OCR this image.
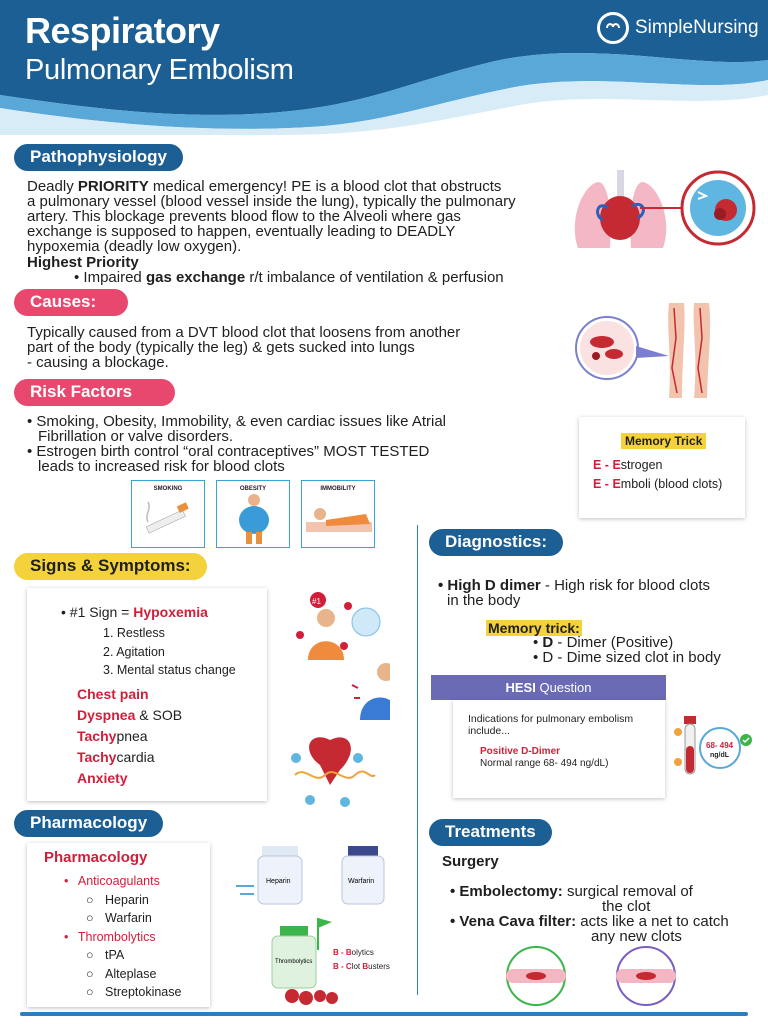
Respiratory
Pulmonary Embolism
SimpleNursing
Pathophysiology
Deadly PRIORITY medical emergency! PE is a blood clot that obstructs
a pulmonary vessel (blood vessel inside the lung), typically the pulmonary
artery. This blockage prevents blood flow to the Alveoli where gas
exchange is supposed to happen, eventually leading to DEADLY
hypoxemia (deadly low oxygen).
Highest Priority
• Impaired gas exchange r/t imbalance of ventilation & perfusion
Causes:
Typically caused from a DVT blood clot that loosens from another
part of the body (typically the leg) & gets sucked into lungs
- causing a blockage.
Risk Factors
• Smoking, Obesity, Immobility, & even cardiac issues like Atrial
Fibrillation or valve disorders.
• Estrogen birth control “oral contraceptives” MOST TESTED
leads to increased risk for blood clots
SMOKING	OBESITY	IMMOBILITY
Memory Trick
E - Estrogen
E - Emboli (blood clots)
Signs & Symptoms:
• #1 Sign = Hypoxemia
1. Restless
2. Agitation
3. Mental status change
Chest pain
Dyspnea & SOB
Tachypnea
Tachycardia
Anxiety
#1
Diagnostics:
• High D dimer - High risk for blood clots
in the body
Memory trick:
• D - Dimer (Positive)
• D - Dime sized clot in body
HESI Question
Indications for pulmonary embolism
include...
Positive D-Dimer
Normal range 68- 494 ng/dL)
68- 494
ng/dL
Pharmacology
Pharmacology
• Anticoagulants
○ Heparin
○ Warfarin
• Thrombolytics
○ tPA
○ Alteplase
○ Streptokinase
Heparin	Warfarin
Thrombolytics
B - Bolytics
B - Clot Busters
Treatments
Surgery
• Embolectomy: surgical removal of
the clot
• Vena Cava filter: acts like a net to catch
any new clots
